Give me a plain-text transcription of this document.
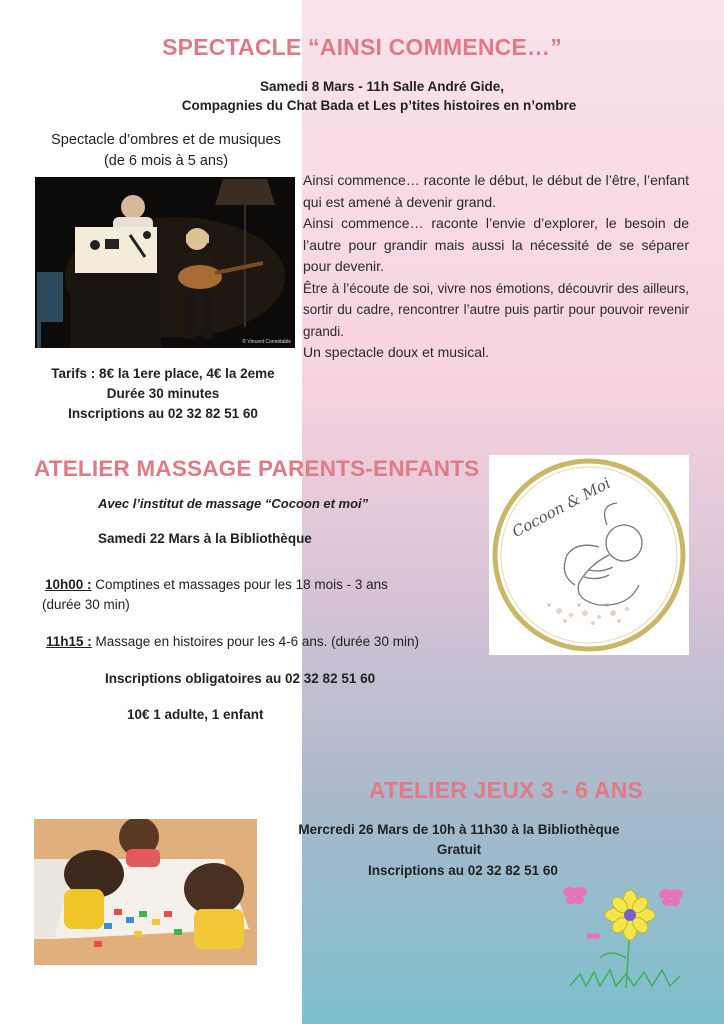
SPECTACLE “AINSI COMMENCE…”
Samedi 8 Mars - 11h Salle André Gide,
Compagnies du Chat Bada et Les p’tites histoires en n’ombre
Spectacle d’ombres et de musiques
(de 6 mois à 5 ans)
© Vincent Connétable
Ainsi commence… raconte le début, le début de l’être, l’enfant qui est amené à devenir grand.
Ainsi commence… raconte l’envie d’explorer, le besoin de l’autre pour grandir mais aussi la nécessité de se séparer pour devenir.
Être à l’écoute de soi, vivre nos émotions, découvrir des ailleurs, sortir du cadre, rencontrer l’autre puis partir pour pouvoir revenir grandi.
Un spectacle doux et musical.
Tarifs : 8€ la 1ere place, 4€ la 2eme
Durée 30 minutes
Inscriptions au 02 32 82 51 60
ATELIER MASSAGE PARENTS-ENFANTS
Avec l’institut de massage “Cocoon et moi”
Samedi 22 Mars à la Bibliothèque
10h00 : Comptines et massages pour les 18 mois - 3 ans
(durée 30 min)
11h15 : Massage en histoires pour les 4-6 ans. (durée 30 min)
Inscriptions obligatoires au 02 32 82 51 60
10€ 1 adulte, 1 enfant
Cocoon & Moi
ATELIER JEUX 3 - 6 ANS
Mercredi 26 Mars de 10h à 11h30 à la Bibliothèque
Gratuit
Inscriptions au 02 32 82 51 60
